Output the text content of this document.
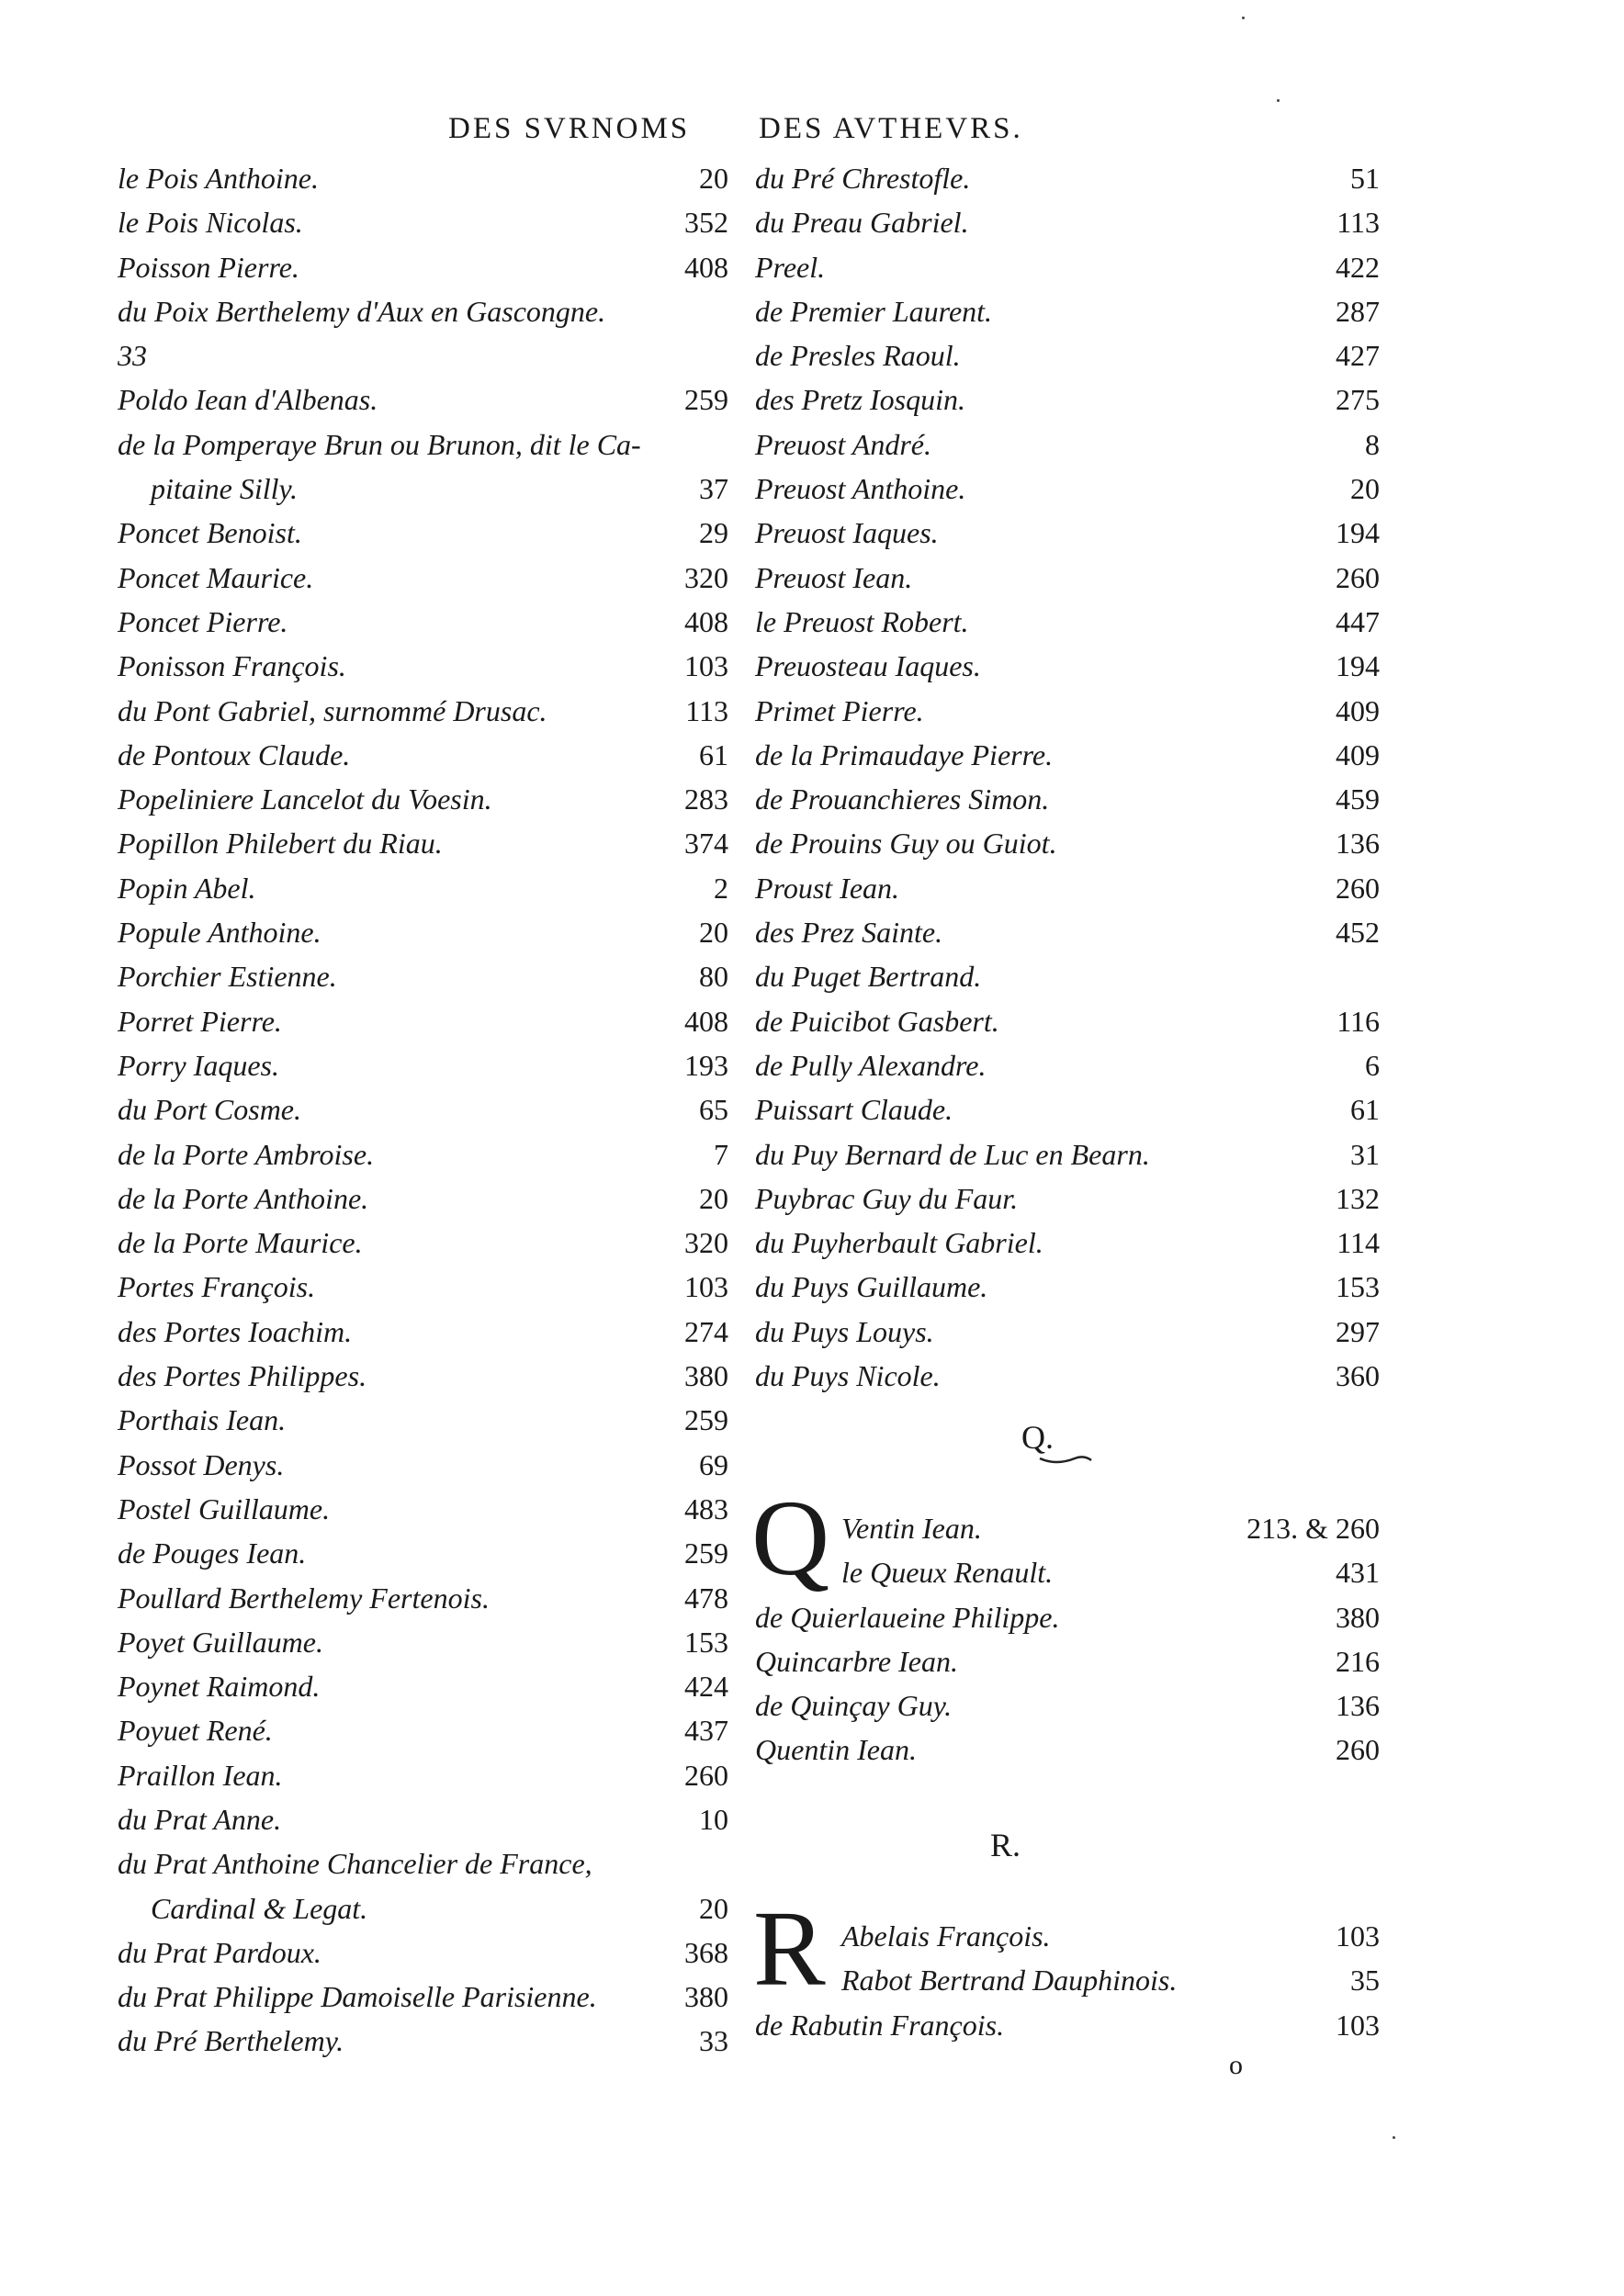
DES SVRNOMS DES AVTHEVRS.
le Pois Anthoine.	20
le Pois Nicolas.	352
Poisson Pierre.	408
du Poix Berthelemy d'Aux en Gascongne.
33
Poldo Iean d'Albenas.	259
de la Pomperaye Brun ou Brunon, dit le Ca-
pitaine Silly.	37
Poncet Benoist.	29
Poncet Maurice.	320
Poncet Pierre.	408
Ponisson François.	103
du Pont Gabriel, surnommé Drusac.	113
de Pontoux Claude.	61
Popeliniere Lancelot du Voesin.	283
Popillon Philebert du Riau.	374
Popin Abel.	2
Popule Anthoine.	20
Porchier Estienne.	80
Porret Pierre.	408
Porry Iaques.	193
du Port Cosme.	65
de la Porte Ambroise.	7
de la Porte Anthoine.	20
de la Porte Maurice.	320
Portes François.	103
des Portes Ioachim.	274
des Portes Philippes.	380
Porthais Iean.	259
Possot Denys.	69
Postel Guillaume.	483
de Pouges Iean.	259
Poullard Berthelemy Fertenois.	478
Poyet Guillaume.	153
Poynet Raimond.	424
Poyuet René.	437
Praillon Iean.	260
du Prat Anne.	10
du Prat Anthoine Chancelier de France,
Cardinal & Legat.	20
du Prat Pardoux.	368
du Prat Philippe Damoiselle Parisienne.	380
du Pré Berthelemy.	33
du Pré Chrestofle.	51
du Preau Gabriel.	113
Preel.	422
de Premier Laurent.	287
de Presles Raoul.	427
des Pretz Iosquin.	275
Preuost André.	8
Preuost Anthoine.	20
Preuost Iaques.	194
Preuost Iean.	260
le Preuost Robert.	447
Preuosteau Iaques.	194
Primet Pierre.	409
de la Primaudaye Pierre.	409
de Prouanchieres Simon.	459
de Prouins Guy ou Guiot.	136
Proust Iean.	260
des Prez Sainte.	452
du Puget Bertrand.
de Puicibot Gasbert.	116
de Pully Alexandre.	6
Puissart Claude.	61
du Puy Bernard de Luc en Bearn.	31
Puybrac Guy du Faur.	132
du Puyherbault Gabriel.	114
du Puys Guillaume.	153
du Puys Louys.	297
du Puys Nicole.	360
Q.
Q Ventin Iean.	213. & 260
le Queux Renault.	431
de Quierlaueine Philippe.	380
Quincarbre Iean.	216
de Quinçay Guy.	136
Quentin Iean.	260
R.
R Abelais François.	103
Rabot Bertrand Dauphinois.	35
de Rabutin François.	103
o
